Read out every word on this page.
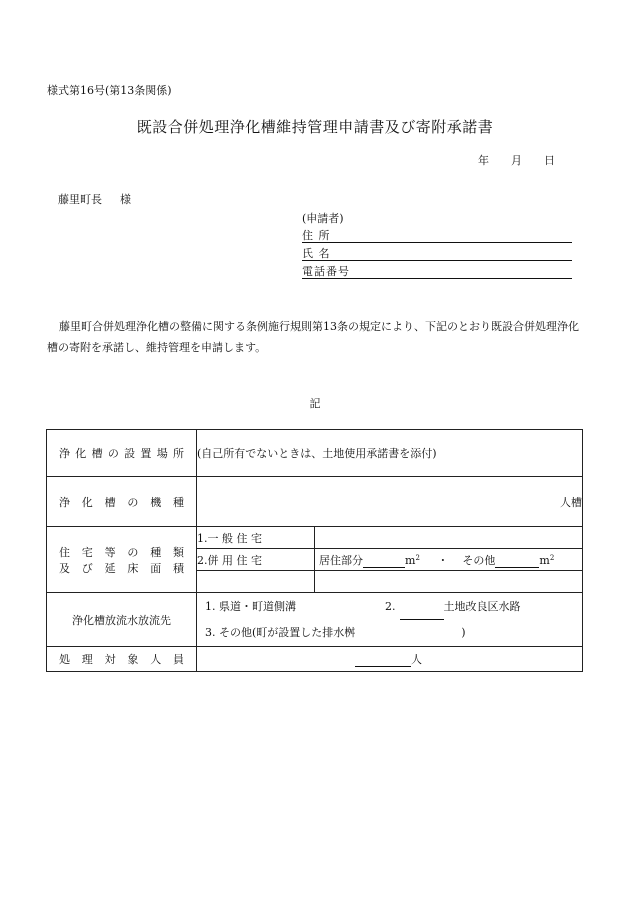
様式第16号(第13条関係)
既設合併処理浄化槽維持管理申請書及び寄附承諾書
年 月 日
藤里町長 様
(申請者)
住 所
氏 名
電話番号
藤里町合併処理浄化槽の整備に関する条例施行規則第13条の規定により、下記のとおり既設合併処理浄化槽の寄附を承諾し、維持管理を申請します。
記
浄化槽の設置場所	(自己所有でないときは、土地使用承諾書を添付)	

浄化槽の機種	人槽	

住宅等の種類
及び延床面積	1.一 般 住 宅	
	2.併 用 住 宅	居住部分 $m^2$ ・ その他 $m^2$

浄化槽放流水放流先	1. 県道・町道側溝 2. 土地改良区水路
3. その他(町が設置した排水桝 )	

処理対象人員	人	
